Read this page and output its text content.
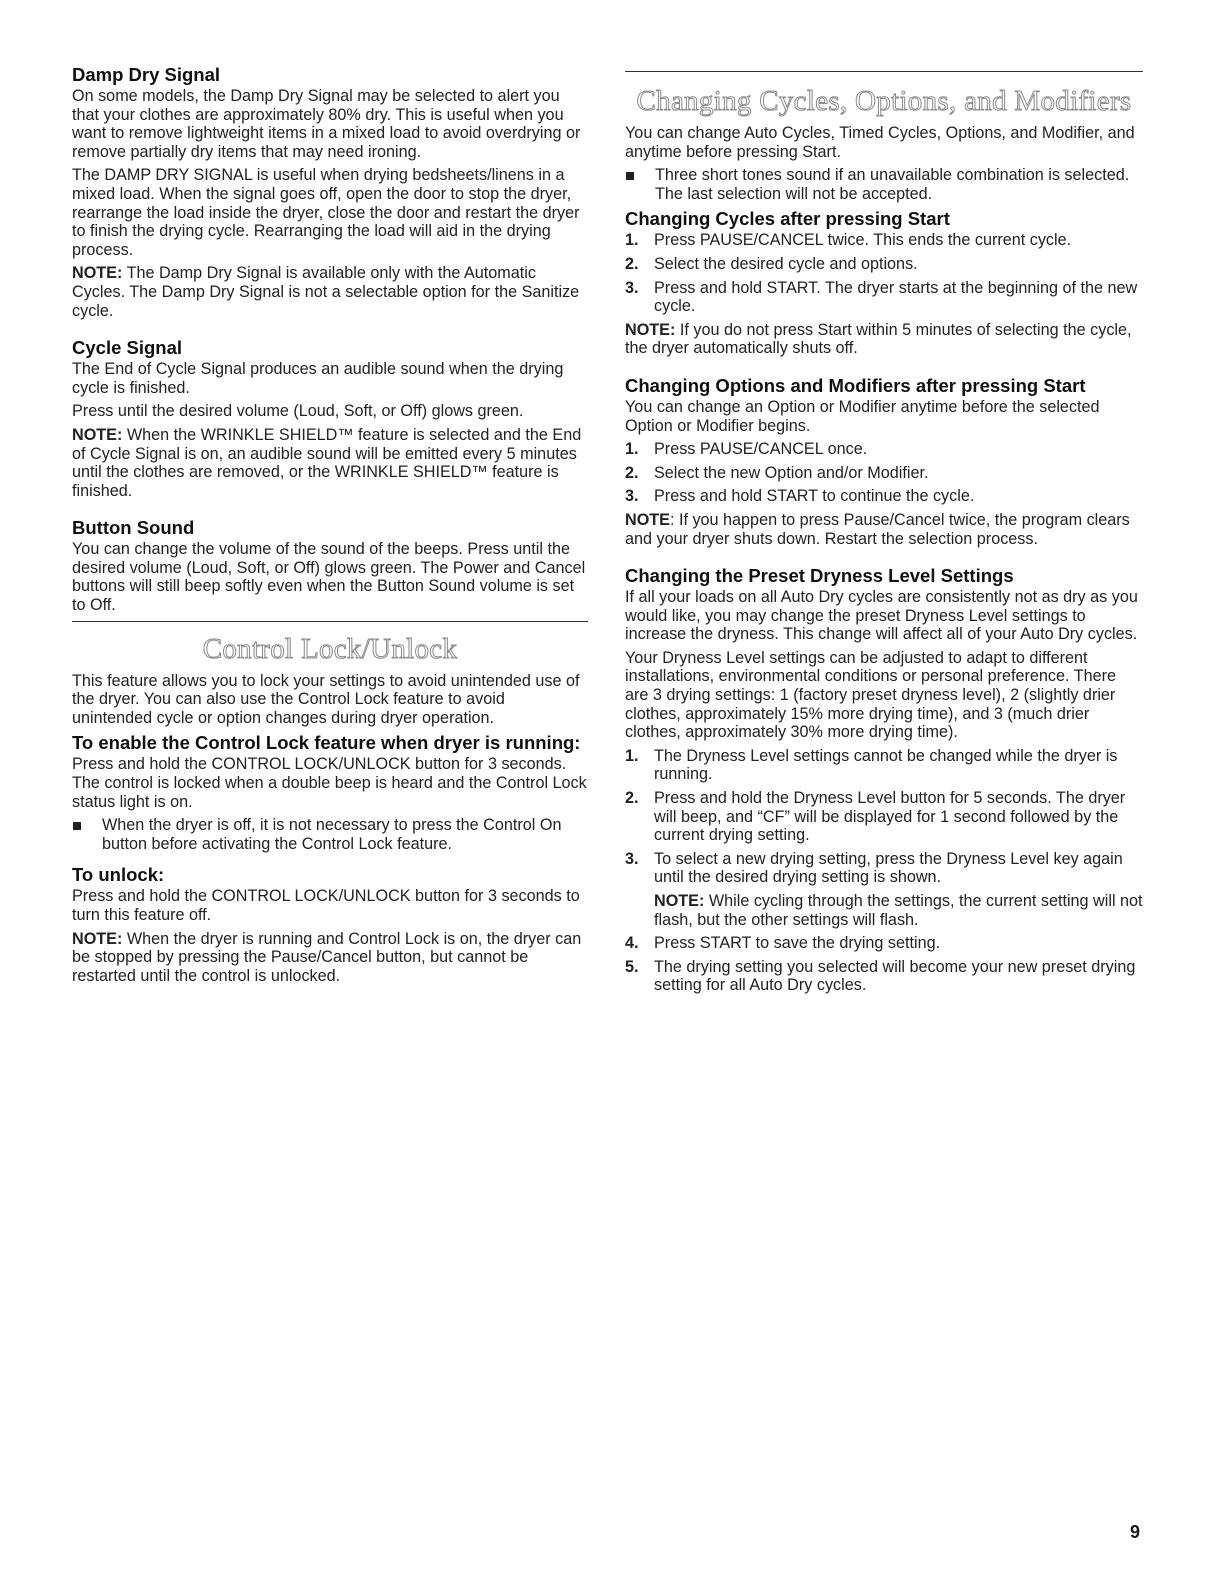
Damp Dry Signal

On some models, the Damp Dry Signal may be selected to alert you that your clothes are approximately 80% dry. This is useful when you want to remove lightweight items in a mixed load to avoid overdrying or remove partially dry items that may need ironing.

The DAMP DRY SIGNAL is useful when drying bedsheets/linens in a mixed load. When the signal goes off, open the door to stop the dryer, rearrange the load inside the dryer, close the door and restart the dryer to finish the drying cycle. Rearranging the load will aid in the drying process.

NOTE: The Damp Dry Signal is available only with the Automatic Cycles. The Damp Dry Signal is not a selectable option for the Sanitize cycle.

Cycle Signal

The End of Cycle Signal produces an audible sound when the drying cycle is finished.

Press until the desired volume (Loud, Soft, or Off) glows green.

NOTE: When the WRINKLE SHIELD™ feature is selected and the End of Cycle Signal is on, an audible sound will be emitted every 5 minutes until the clothes are removed, or the WRINKLE SHIELD™ feature is finished.

Button Sound

You can change the volume of the sound of the beeps. Press until the desired volume (Loud, Soft, or Off) glows green. The Power and Cancel buttons will still beep softly even when the Button Sound volume is set to Off.

Control Lock/Unlock

This feature allows you to lock your settings to avoid unintended use of the dryer. You can also use the Control Lock feature to avoid unintended cycle or option changes during dryer operation.

To enable the Control Lock feature when dryer is running:

Press and hold the CONTROL LOCK/UNLOCK button for 3 seconds. The control is locked when a double beep is heard and the Control Lock status light is on.

When the dryer is off, it is not necessary to press the Control On button before activating the Control Lock feature.
To unlock:

Press and hold the CONTROL LOCK/UNLOCK button for 3 seconds to turn this feature off.

NOTE: When the dryer is running and Control Lock is on, the dryer can be stopped by pressing the Pause/Cancel button, but cannot be restarted until the control is unlocked.

Changing Cycles, Options, and Modifiers

You can change Auto Cycles, Timed Cycles, Options, and Modifier, and anytime before pressing Start.

Three short tones sound if an unavailable combination is selected. The last selection will not be accepted.
Changing Cycles after pressing Start
1. Press PAUSE/CANCEL twice. This ends the current cycle.
2. Select the desired cycle and options.
3. Press and hold START. The dryer starts at the beginning of the new cycle.

NOTE: If you do not press Start within 5 minutes of selecting the cycle, the dryer automatically shuts off.

Changing Options and Modifiers after pressing Start

You can change an Option or Modifier anytime before the selected Option or Modifier begins.

1. Press PAUSE/CANCEL once.
2. Select the new Option and/or Modifier.
3. Press and hold START to continue the cycle.

NOTE: If you happen to press Pause/Cancel twice, the program clears and your dryer shuts down. Restart the selection process.

Changing the Preset Dryness Level Settings

If all your loads on all Auto Dry cycles are consistently not as dry as you would like, you may change the preset Dryness Level settings to increase the dryness. This change will affect all of your Auto Dry cycles.

Your Dryness Level settings can be adjusted to adapt to different installations, environmental conditions or personal preference. There are 3 drying settings: 1 (factory preset dryness level), 2 (slightly drier clothes, approximately 15% more drying time), and 3 (much drier clothes, approximately 30% more drying time).

1. The Dryness Level settings cannot be changed while the dryer is running.
2. Press and hold the Dryness Level button for 5 seconds. The dryer will beep, and “CF” will be displayed for 1 second followed by the current drying setting.
3. To select a new drying setting, press the Dryness Level key again until the desired drying setting is shown.
NOTE: While cycling through the settings, the current setting will not flash, but the other settings will flash.
4. Press START to save the drying setting.
5. The drying setting you selected will become your new preset drying setting for all Auto Dry cycles.
9
